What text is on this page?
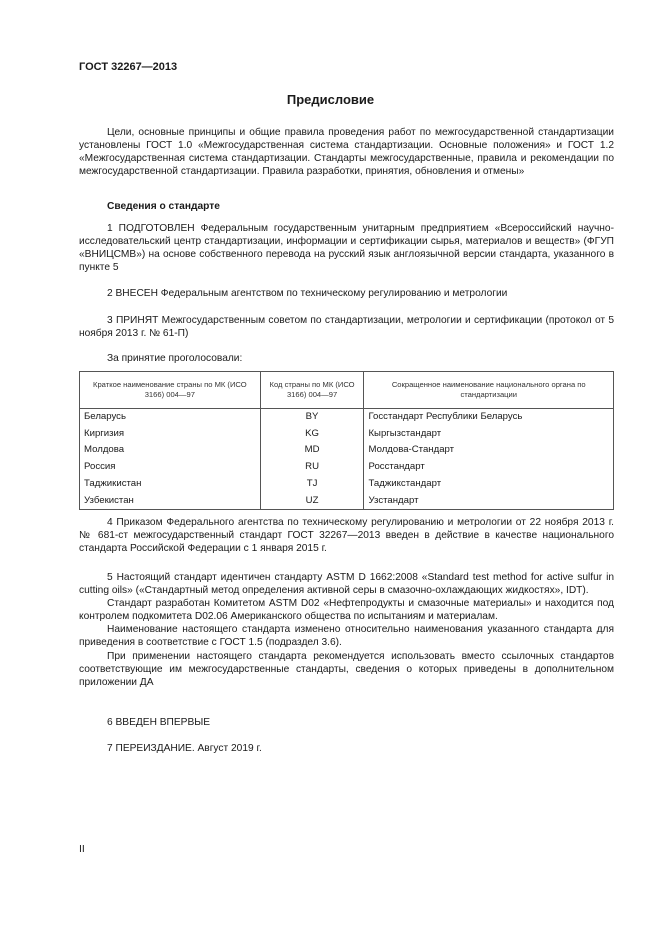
ГОСТ 32267—2013
Предисловие

Цели, основные принципы и общие правила проведения работ по межгосударственной стандартизации установлены ГОСТ 1.0 «Межгосударственная система стандартизации. Основные положения» и ГОСТ 1.2 «Межгосударственная система стандартизации. Стандарты межгосударственные, правила и рекомендации по межгосударственной стандартизации. Правила разработки, принятия, обновления и отмены»

Сведения о стандарте

1 ПОДГОТОВЛЕН Федеральным государственным унитарным предприятием «Всероссийский научно-исследовательский центр стандартизации, информации и сертификации сырья, материалов и веществ» (ФГУП «ВНИЦСМВ») на основе собственного перевода на русский язык англоязычной версии стандарта, указанного в пункте 5

2 ВНЕСЕН Федеральным агентством по техническому регулированию и метрологии

3 ПРИНЯТ Межгосударственным советом по стандартизации, метрологии и сертификации (протокол от 5 ноября 2013 г. № 61-П)

За принятие проголосовали:

Краткое наименование страны по МК (ИСО 3166) 004—97	Код страны по МК (ИСО 3166) 004—97	Сокращенное наименование национального органа по стандартизации
Беларусь	BY	Госстандарт Республики Беларусь
Киргизия	KG	Кыргызстандарт
Молдова	MD	Молдова-Стандарт
Россия	RU	Росстандарт
Таджикистан	TJ	Таджикстандарт
Узбекистан	UZ	Узстандарт

4 Приказом Федерального агентства по техническому регулированию и метрологии от 22 ноября 2013 г. № 681-ст межгосударственный стандарт ГОСТ 32267—2013 введен в действие в качестве национального стандарта Российской Федерации с 1 января 2015 г.

5 Настоящий стандарт идентичен стандарту ASTM D 1662:2008 «Standard test method for active sulfur in cutting oils» («Стандартный метод определения активной серы в смазочно-охлаждающих жидкостях», IDT).

Стандарт разработан Комитетом ASTM D02 «Нефтепродукты и смазочные материалы» и находится под контролем подкомитета D02.06 Американского общества по испытаниям и материалам.

Наименование настоящего стандарта изменено относительно наименования указанного стандарта для приведения в соответствие с ГОСТ 1.5 (подраздел 3.6).

При применении настоящего стандарта рекомендуется использовать вместо ссылочных стандартов соответствующие им межгосударственные стандарты, сведения о которых приведены в дополнительном приложении ДА

6 ВВЕДЕН ВПЕРВЫЕ

7 ПЕРЕИЗДАНИЕ. Август 2019 г.

II
